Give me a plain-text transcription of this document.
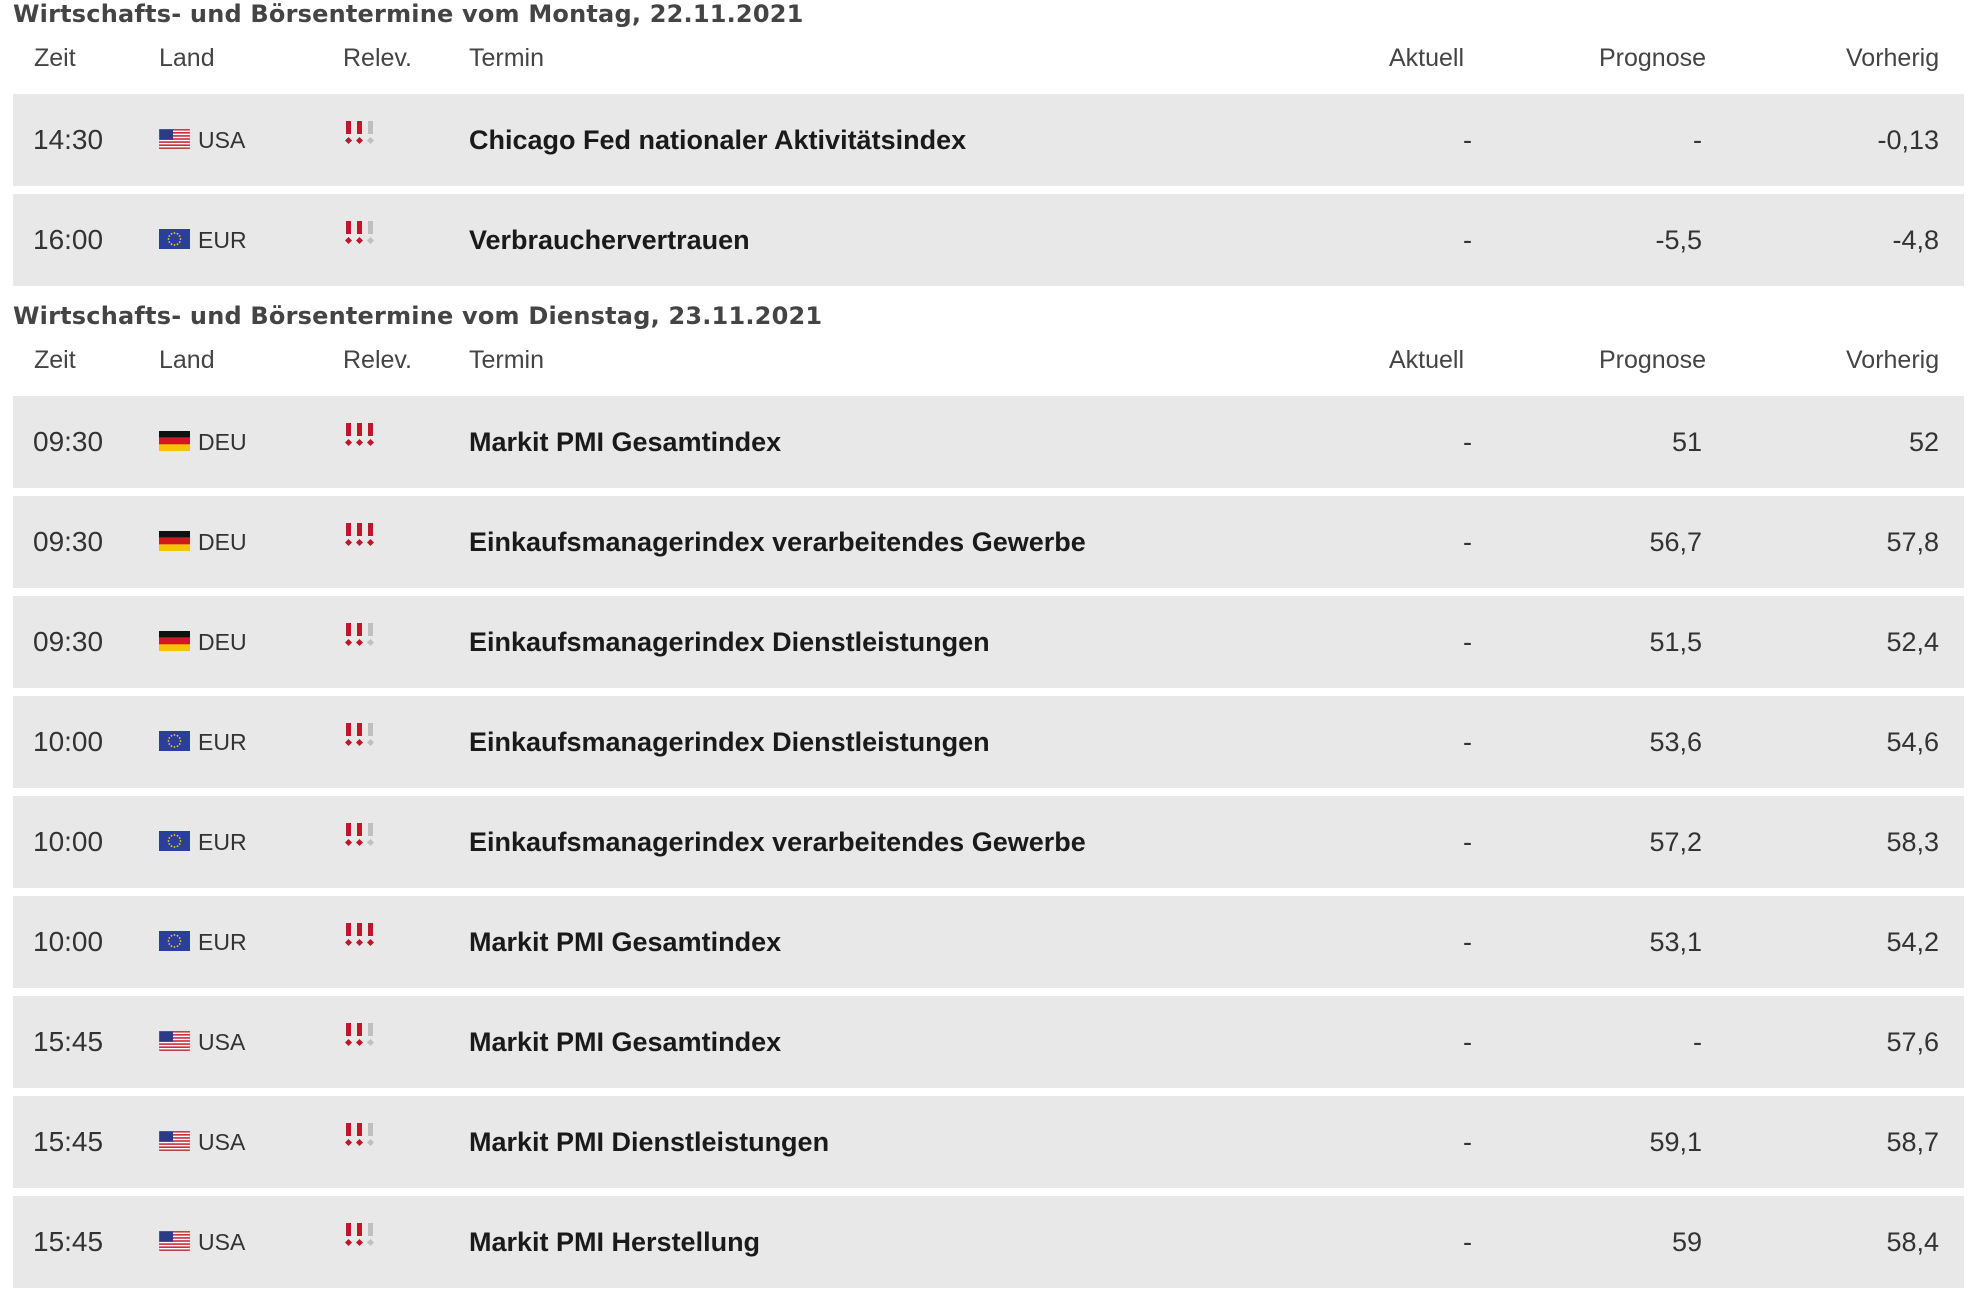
Wirtschafts- und Börsentermine vom Montag, 22.11.2021
Zeit	Land	Relev. Termin	Aktuell	Prognose	Vorherig
14:30	USA	Chicago Fed nationaler Aktivitätsindex	-	-	-0,13
16:00	EUR	Verbrauchervertrauen	-	-5,5	-4,8
Wirtschafts- und Börsentermine vom Dienstag, 23.11.2021
Zeit	Land	Relev. Termin	Aktuell	Prognose	Vorherig
09:30	DEU	Markit PMI Gesamtindex	-	51	52
09:30	DEU	Einkaufsmanagerindex verarbeitendes Gewerbe	-	56,7	57,8
09:30	DEU	Einkaufsmanagerindex Dienstleistungen	-	51,5	52,4
10:00	EUR	Einkaufsmanagerindex Dienstleistungen	-	53,6	54,6
10:00	EUR	Einkaufsmanagerindex verarbeitendes Gewerbe	-	57,2	58,3
10:00	EUR	Markit PMI Gesamtindex	-	53,1	54,2
15:45	USA	Markit PMI Gesamtindex	-	-	57,6
15:45	USA	Markit PMI Dienstleistungen	-	59,1	58,7
15:45	USA	Markit PMI Herstellung	-	59	58,4
